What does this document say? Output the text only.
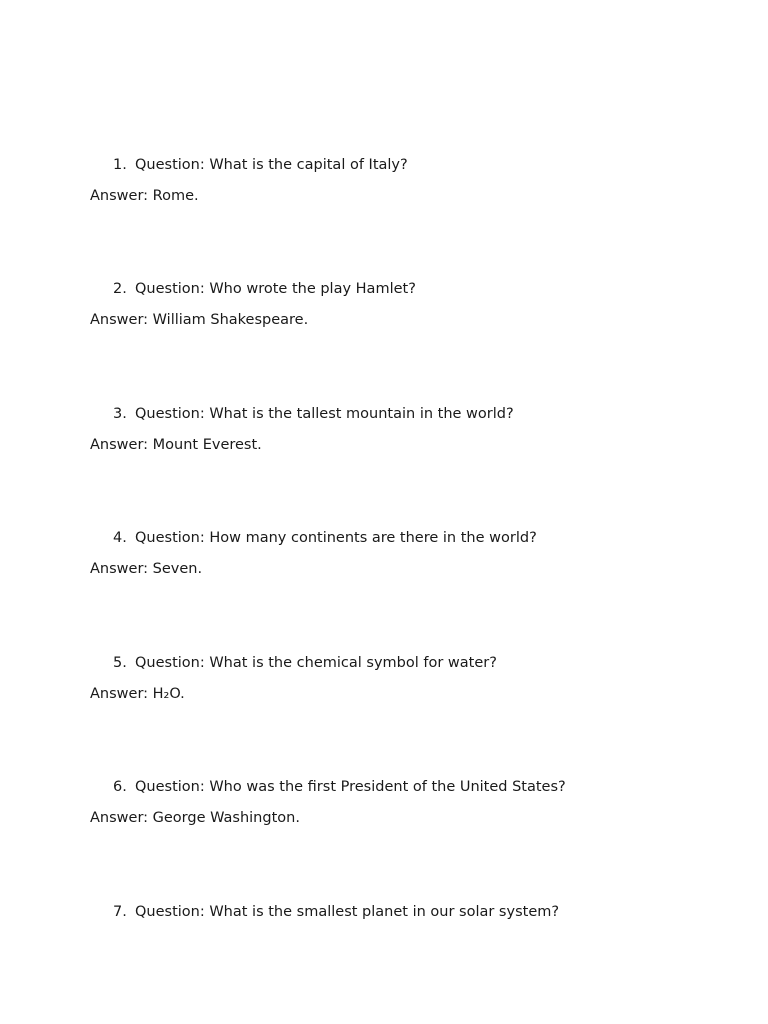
1. Question: What is the capital of Italy?
Answer: Rome.
2. Question: Who wrote the play Hamlet?
Answer: William Shakespeare.
3. Question: What is the tallest mountain in the world?
Answer: Mount Everest.
4. Question: How many continents are there in the world?
Answer: Seven.
5. Question: What is the chemical symbol for water?
Answer: H₂O.
6. Question: Who was the first President of the United States?
Answer: George Washington.
7. Question: What is the smallest planet in our solar system?
